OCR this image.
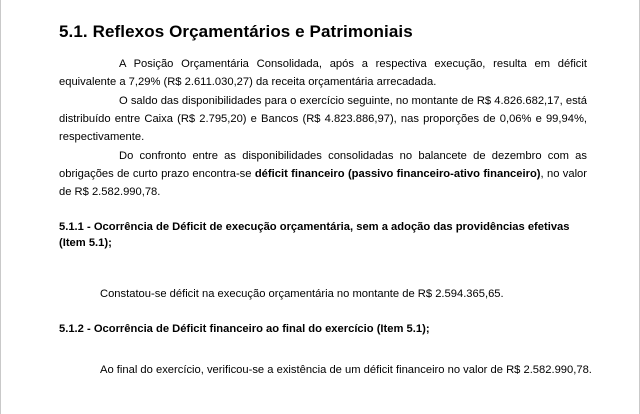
5.1. Reflexos Orçamentários e Patrimoniais
A Posição Orçamentária Consolidada, após a respectiva execução, resulta em déficit equivalente a 7,29% (R$ 2.611.030,27) da receita orçamentária arrecadada.
O saldo das disponibilidades para o exercício seguinte, no montante de R$ 4.826.682,17, está distribuído entre Caixa (R$ 2.795,20) e Bancos (R$ 4.823.886,97), nas proporções de 0,06% e 99,94%, respectivamente.
Do confronto entre as disponibilidades consolidadas no balancete de dezembro com as obrigações de curto prazo encontra-se déficit financeiro (passivo financeiro-ativo financeiro), no valor de R$ 2.582.990,78.
5.1.1 - Ocorrência de Déficit de execução orçamentária, sem a adoção das providências efetivas (Item 5.1);
Constatou-se déficit na execução orçamentária no montante de R$ 2.594.365,65.
5.1.2 - Ocorrência de Déficit financeiro ao final do exercício (Item 5.1);
Ao final do exercício, verificou-se a existência de um déficit financeiro no valor de R$ 2.582.990,78.
